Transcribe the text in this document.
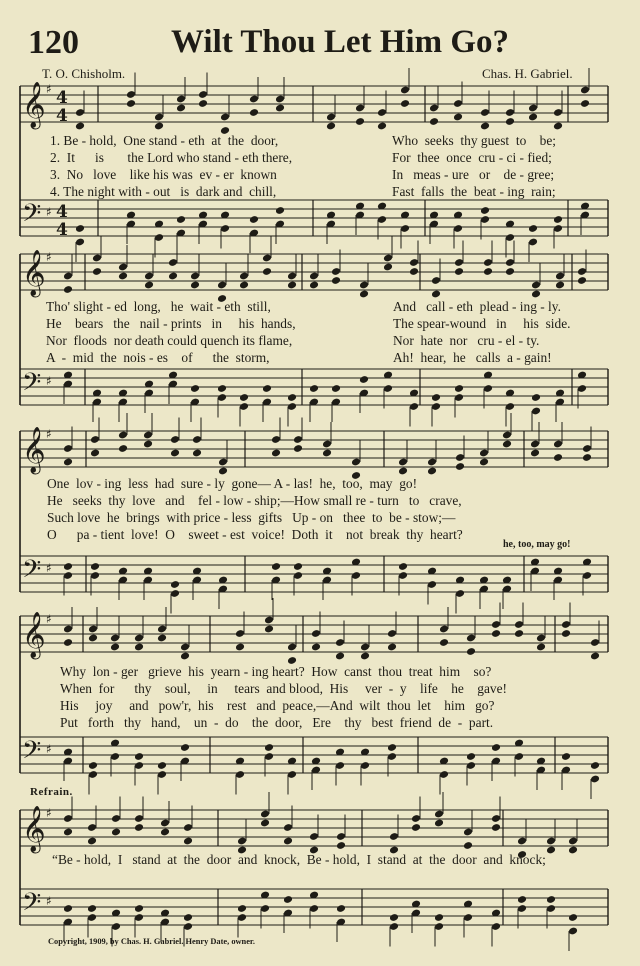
120	Wilt Thou Let Him Go?
T. O. Chisholm.	Chas. H. Gabriel.
𝄞
𝄢
♯
♯
4
4
4
4
𝄞
𝄢
♯
♯
𝄞
𝄢
♯
♯
𝄞
𝄢
♯
♯
𝄞
𝄢
♯
♯

1. Be - hold,  One stand - eth  at  the  door,

	Who  seeks  thy guest  to    be;

2.  It      is       the Lord who stand - eth there,

	For  thee  once  cru - ci - fied;

3.  No   love    like his was  ev - er  known

	In   meas - ure   or    de - gree;

4. The night with - out   is  dark and  chill,

	Fast  falls  the  beat - ing  rain;

Tho' slight - ed  long,   he  wait - eth  still,

	And   call - eth  plead - ing - ly.

He    bears   the   nail - prints   in     his  hands,

	The spear-wound   in     his  side.

Nor  floods  nor death could quench its flame,

	Nor  hate  nor   cru - el - ty.

A  -  mid  the  nois - es    of      the  storm,

	Ah!  hear,  he   calls  a - gain!

One  lov - ing  less  had  sure - ly  gone— A - las!  he,  too,  may  go!

He   seeks  thy  love   and    fel - low - ship;—How small re - turn   to   crave,

Such love  he  brings  with price - less  gifts   Up - on   thee  to  be - stow;—

O      pa - tient  love!  O    sweet - est  voice!  Doth  it    not  break  thy  heart?

he, too, may go!

Why  lon - ger   grieve  his  yearn - ing heart?  How  canst  thou  treat  him    so?

When  for      thy    soul,     in     tears  and blood,  His     ver  -  y    life    he    gave!

His     joy     and   pow'r,  his    rest   and  peace,—And  wilt  thou  let    him   go?

Put   forth   thy   hand,    un  -  do    the  door,   Ere    thy   best  friend  de  -  part.

Refrain.

“Be - hold,  I   stand  at  the  door  and  knock,  Be - hold,  I  stand  at  the  door  and  knock;

Copyright, 1909, by Chas. H. Gabriel. Henry Date, owner.
